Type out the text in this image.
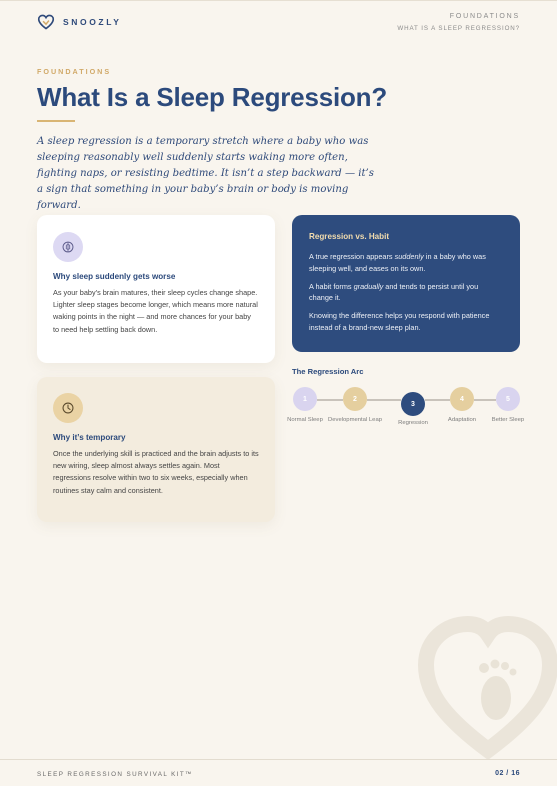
SNOOZLY
FOUNDATIONS
WHAT IS A SLEEP REGRESSION?
FOUNDATIONS
What Is a Sleep Regression?

A sleep regression is a temporary stretch where a baby who was sleeping reasonably well suddenly starts waking more often, fighting naps, or resisting bedtime. It isn’t a step backward — it’s a sign that something in your baby’s brain or body is moving forward.

Why sleep suddenly gets worse

As your baby’s brain matures, their sleep cycles change shape. Lighter sleep stages become longer, which means more natural waking points in the night — and more chances for your baby to need help settling back down.

Why it’s temporary

Once the underlying skill is practiced and the brain adjusts to its new wiring, sleep almost always settles again. Most regressions resolve within two to six weeks, especially when routines stay calm and consistent.

Regression vs. Habit

A true regression appears suddenly in a baby who was sleeping well, and eases on its own.

A habit forms gradually and tends to persist until you change it.

Knowing the difference helps you respond with patience instead of a brand-new sleep plan.

The Regression Arc
1
Normal Sleep
2
Developmental Leap
3
Regression
4
Adaptation
5
Better Sleep
SLEEP REGRESSION SURVIVAL KIT™	02 / 16
